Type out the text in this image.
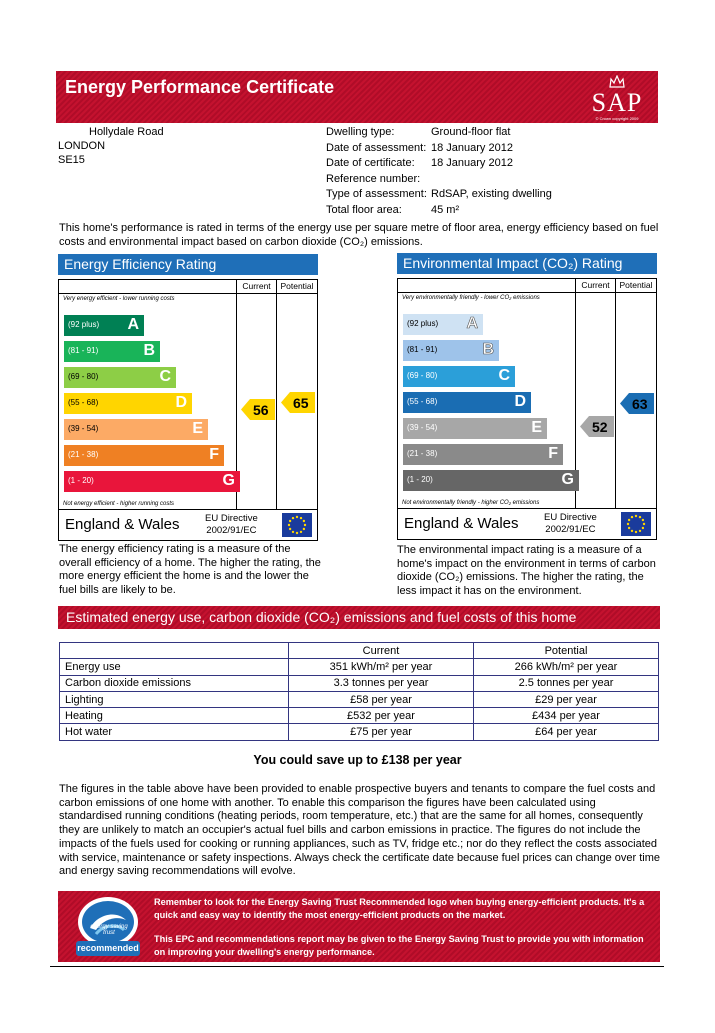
Energy Performance Certificate
SAP
© Crown copyright 2009
Hollydale Road
LONDON
SE15
Dwelling type:	Ground-floor flat
Date of assessment: 18 January 2012
Date of certificate:	18 January 2012
Reference number:
Type of assessment: RdSAP, existing dwelling
Total floor area:	45 m²
This home's performance is rated in terms of the energy use per square metre of floor area, energy efficiency based on fuel costs and environmental impact based on carbon dioxide (CO₂) emissions.
Energy Efficiency Rating
Current	Potential
Very energy efficient - lower running costs
(92 plus) A
(81 - 91)	B
(69 - 80)	C
(55 - 68)	D
(39 - 54)	E
(21 - 38)	F
(1 - 20)	G
Not energy efficient - higher running costs
56 65
England & Wales	EU Directive
2002/91/EC
Environmental Impact (CO₂) Rating
Current	Potential
Very environmentally friendly - lower CO₂ emissions
(92 plus) A
(81 - 91)	B
(69 - 80)	C
(55 - 68)	D
(39 - 54)	E
(21 - 38)	F
(1 - 20)	G
Not environmentally friendly - higher CO₂ emissions
52
63
England & Wales	EU Directive
2002/91/EC
The energy efficiency rating is a measure of the overall efficiency of a home. The higher the rating, the more energy efficient the home is and the lower the fuel bills are likely to be.
The environmental impact rating is a measure of a home's impact on the environment in terms of carbon dioxide (CO₂) emissions. The higher the rating, the less impact it has on the environment.
Estimated energy use, carbon dioxide (CO₂) emissions and fuel costs of this home
	Current	Potential
Energy use	351 kWh/m² per year	266 kWh/m² per year
Carbon dioxide emissions	3.3 tonnes per year	2.5 tonnes per year
Lighting	£58 per year	£29 per year
Heating	£532 per year	£434 per year
Hot water	£75 per year	£64 per year
You could save up to £138 per year
The figures in the table above have been provided to enable prospective buyers and tenants to compare the fuel costs and carbon emissions of one home with another. To enable this comparison the figures have been calculated using standardised running conditions (heating periods, room temperature, etc.) that are the same for all homes, consequently they are unlikely to match an occupier's actual fuel bills and carbon emissions in practice. The figures do not include the impacts of the fuels used for cooking or running appliances, such as TV, fridge etc.; nor do they reflect the costs associated with service, maintenance or safety inspections. Always check the certificate date because fuel prices can change over time and energy saving recommendations will evolve.
energy saving trust
recommended
Remember to look for the Energy Saving Trust Recommended logo when buying energy-efficient products. It's a quick and easy way to identify the most energy-efficient products on the market.
This EPC and recommendations report may be given to the Energy Saving Trust to provide you with information on improving your dwelling's energy performance.
